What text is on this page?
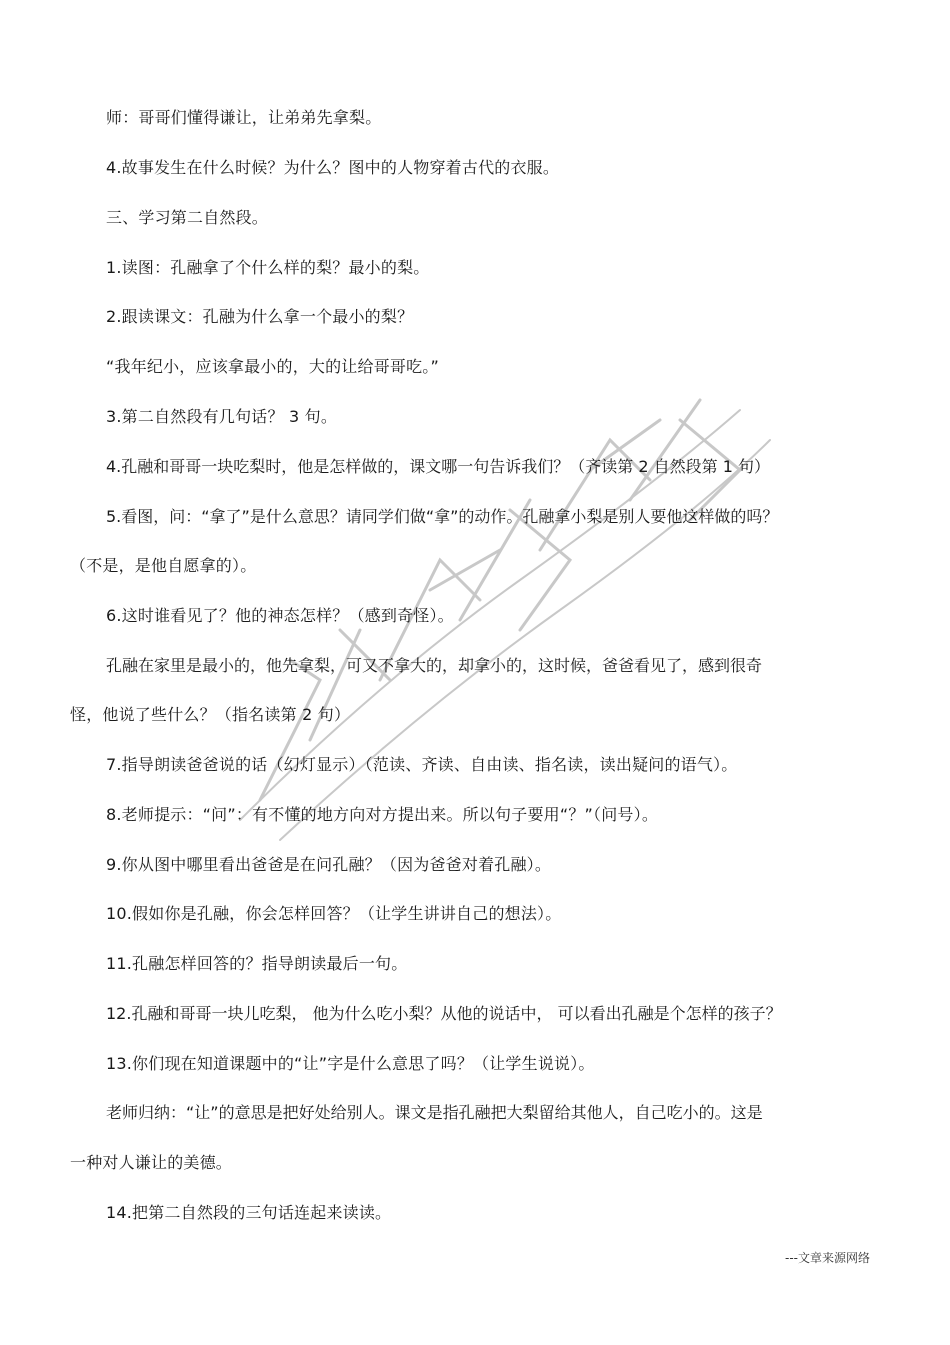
师：哥哥们懂得谦让，让弟弟先拿梨。
4.故事发生在什么时候？为什么？图中的人物穿着古代的衣服。
三、学习第二自然段。
1.读图：孔融拿了个什么样的梨？最小的梨。
2.跟读课文：孔融为什么拿一个最小的梨？
“我年纪小，应该拿最小的，大的让给哥哥吃。”
3.第二自然段有几句话？ 3 句。
4.孔融和哥哥一块吃梨时，他是怎样做的，课文哪一句告诉我们？（齐读第 2 自然段第 1 句）
5.看图，问：“拿了”是什么意思？请同学们做“拿”的动作。孔融拿小梨是别人要他这样做的吗？
（不是，是他自愿拿的）。
6.这时谁看见了？他的神态怎样？（感到奇怪）。
孔融在家里是最小的，他先拿梨，可又不拿大的，却拿小的，这时候，爸爸看见了，感到很奇
怪，他说了些什么？（指名读第 2 句）
7.指导朗读爸爸说的话（幻灯显示）（范读、齐读、自由读、指名读，读出疑问的语气）。
8.老师提示：“问”：有不懂的地方向对方提出来。所以句子要用“？”（问号）。
9.你从图中哪里看出爸爸是在问孔融？（因为爸爸对着孔融）。
10.假如你是孔融，你会怎样回答？（让学生讲讲自己的想法）。
11.孔融怎样回答的？指导朗读最后一句。
12.孔融和哥哥一块儿吃梨， 他为什么吃小梨？从他的说话中， 可以看出孔融是个怎样的孩子？
13.你们现在知道课题中的“让”字是什么意思了吗？（让学生说说）。
老师归纳：“让”的意思是把好处给别人。课文是指孔融把大梨留给其他人，自己吃小的。这是
一种对人谦让的美德。
14.把第二自然段的三句话连起来读读。
---文章来源网络
